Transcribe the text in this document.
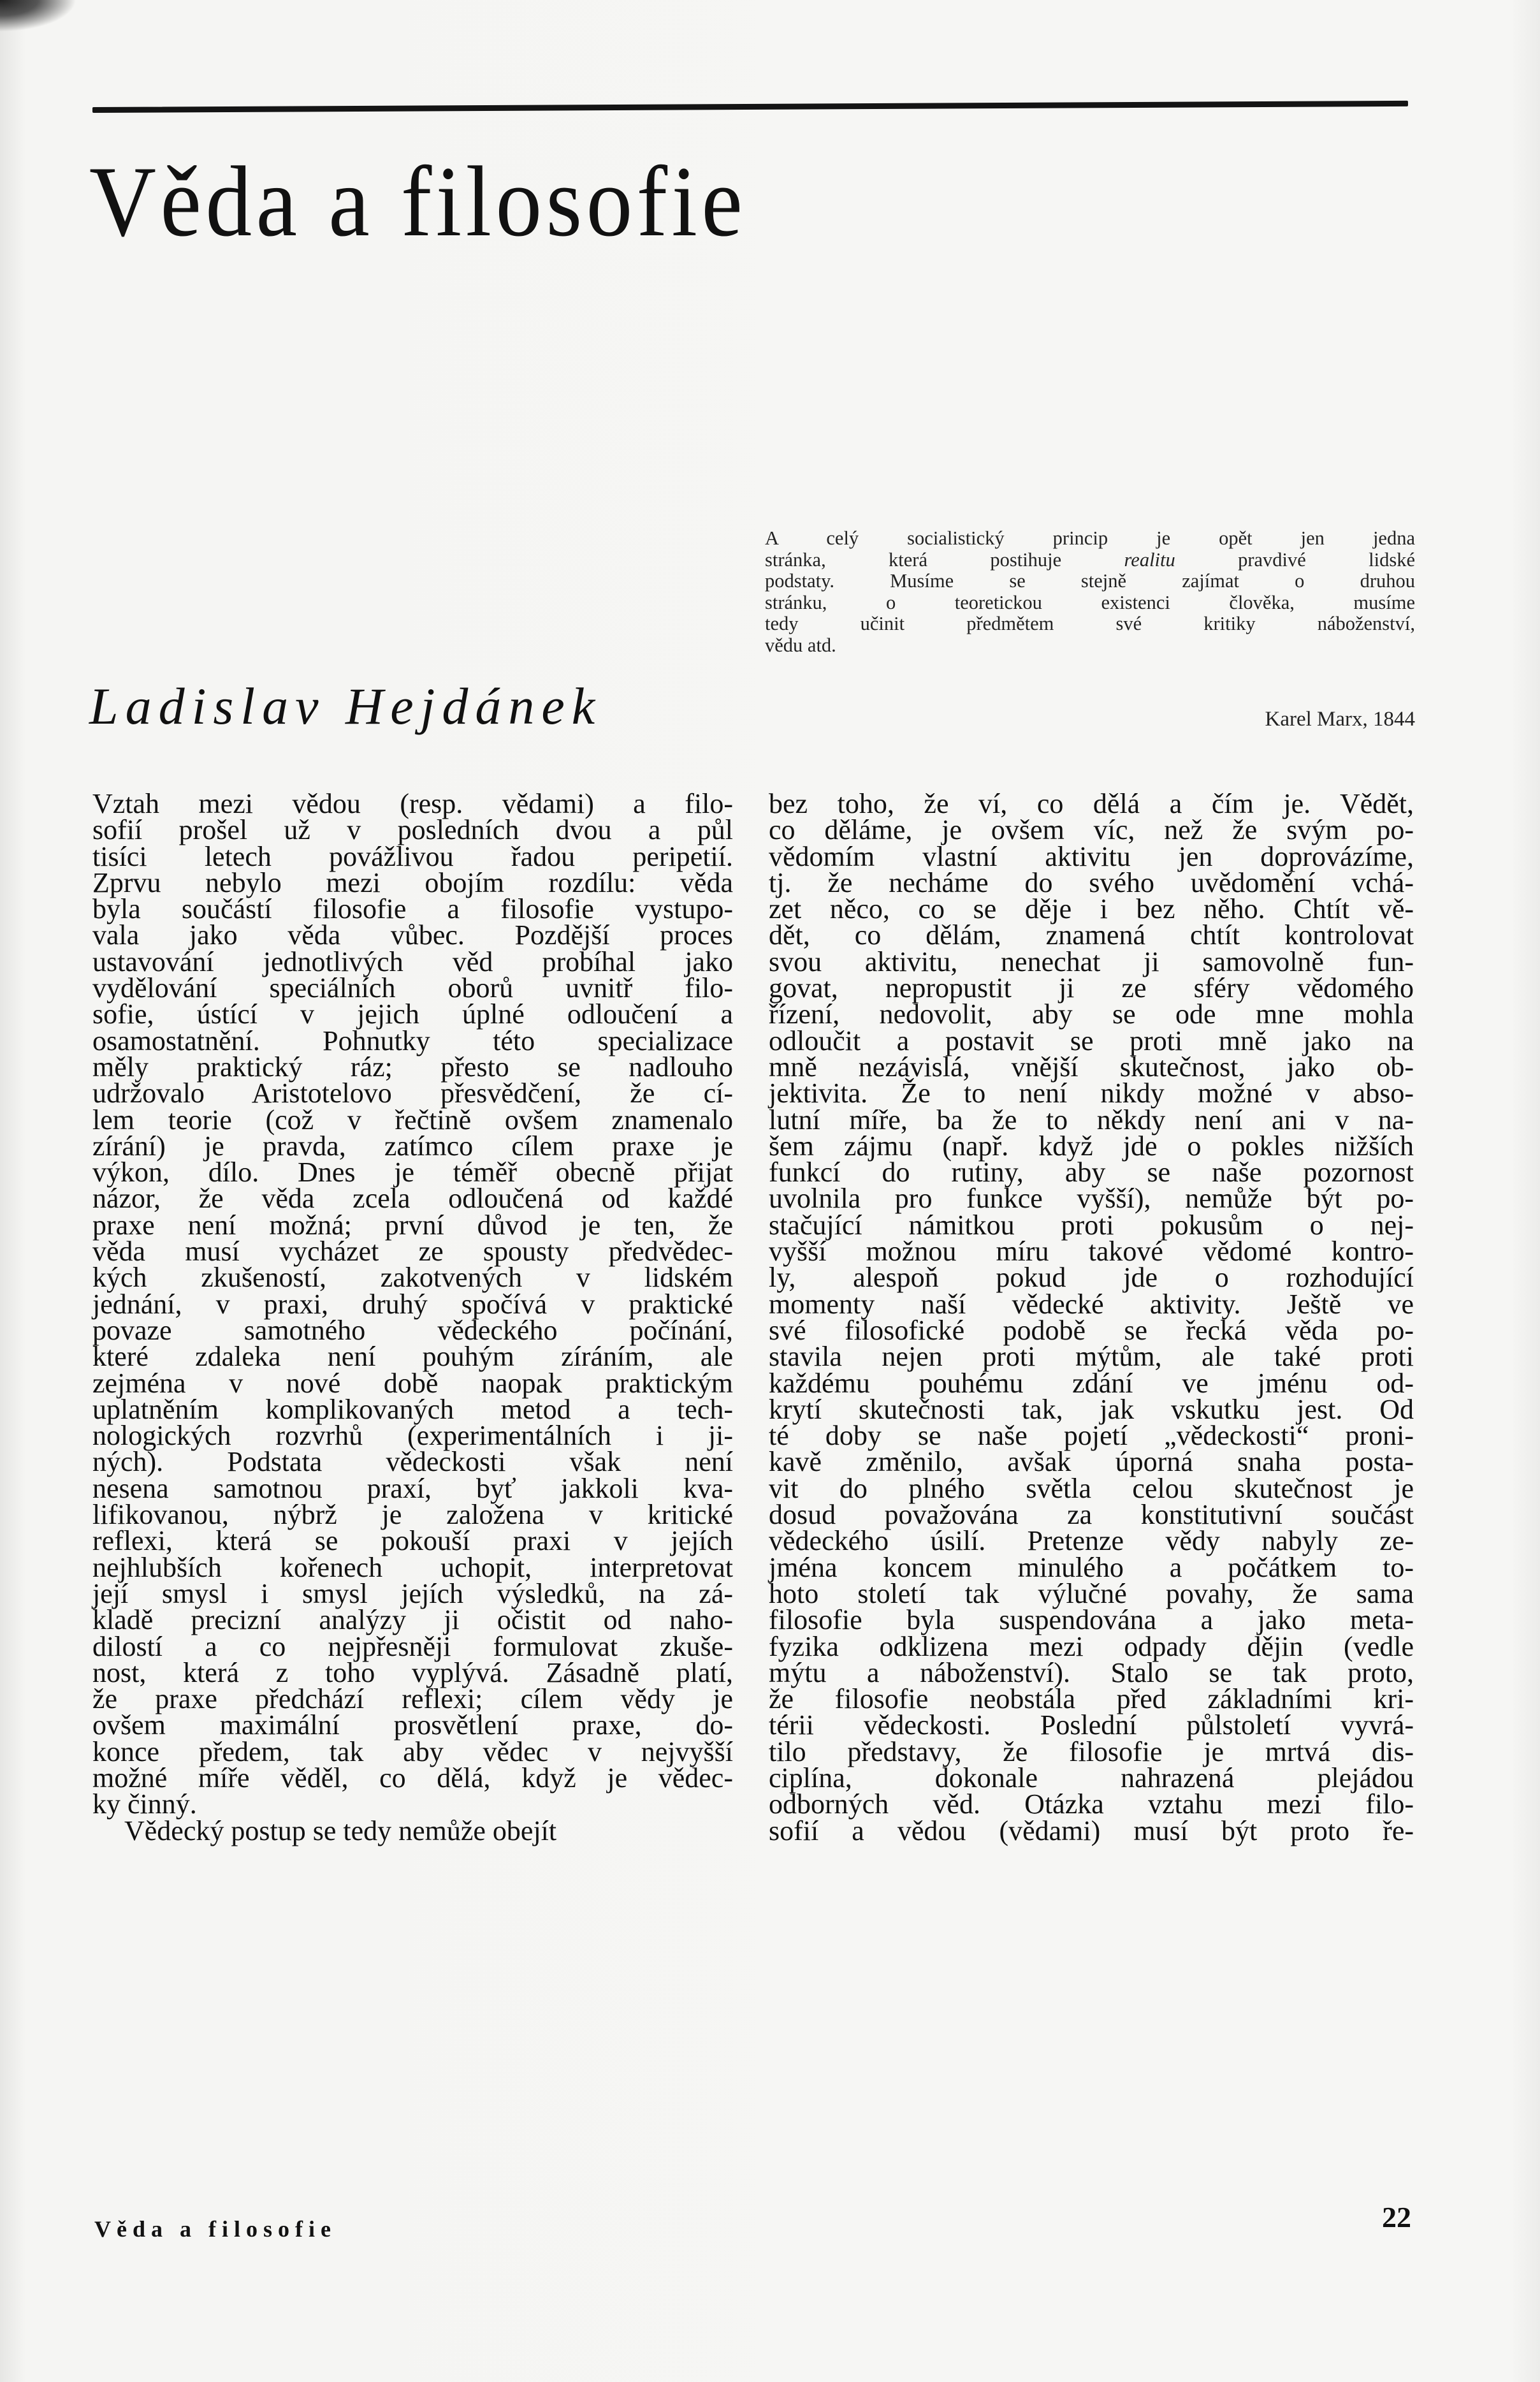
Věda a filosofie
Ladislav Hejdánek
A celý socialistický princip je opět jen jedna
stránka, která postihuje realitu pravdivé lidské
podstaty. Musíme se stejně zajímat o druhou
stránku, o teoretickou existenci člověka, musíme
tedy učinit předmětem své kritiky náboženství,
vědu atd.
Karel Marx, 1844
Vztah mezi vědou (resp. vědami) a filo-
sofií prošel už v posledních dvou a půl
tisíci letech povážlivou řadou peripetií.
Zprvu nebylo mezi obojím rozdílu: věda
byla součástí filosofie a filosofie vystupo-
vala jako věda vůbec. Pozdější proces
ustavování jednotlivých věd probíhal jako
vydělování speciálních oborů uvnitř filo-
sofie, ústící v jejich úplné odloučení a
osamostatnění. Pohnutky této specializace
měly praktický ráz; přesto se nadlouho
udržovalo Aristotelovo přesvědčení, že cí-
lem teorie (což v řečtině ovšem znamenalo
zírání) je pravda, zatímco cílem praxe je
výkon, dílo. Dnes je téměř obecně přijat
názor, že věda zcela odloučená od každé
praxe není možná; první důvod je ten, že
věda musí vycházet ze spousty předvědec-
kých zkušeností, zakotvených v lidském
jednání, v praxi, druhý spočívá v praktické
povaze samotného vědeckého počínání,
které zdaleka není pouhým zíráním, ale
zejména v nové době naopak praktickým
uplatněním komplikovaných metod a tech-
nologických rozvrhů (experimentálních i ji-
ných). Podstata vědeckosti však není
nesena samotnou praxí, byť jakkoli kva-
lifikovanou, nýbrž je založena v kritické
reflexi, která se pokouší praxi v jejích
nejhlubších kořenech uchopit, interpretovat
její smysl i smysl jejích výsledků, na zá-
kladě precizní analýzy ji očistit od naho-
dilostí a co nejpřesněji formulovat zkuše-
nost, která z toho vyplývá. Zásadně platí,
že praxe předchází reflexi; cílem vědy je
ovšem maximální prosvětlení praxe, do-
konce předem, tak aby vědec v nejvyšší
možné míře věděl, co dělá, když je vědec-
ky činný.
Vědecký postup se tedy nemůže obejít
bez toho, že ví, co dělá a čím je. Vědět,
co děláme, je ovšem víc, než že svým po-
vědomím vlastní aktivitu jen doprovázíme,
tj. že necháme do svého uvědomění vchá-
zet něco, co se děje i bez něho. Chtít vě-
dět, co dělám, znamená chtít kontrolovat
svou aktivitu, nenechat ji samovolně fun-
govat, nepropustit ji ze sféry vědomého
řízení, nedovolit, aby se ode mne mohla
odloučit a postavit se proti mně jako na
mně nezávislá, vnější skutečnost, jako ob-
jektivita. Že to není nikdy možné v abso-
lutní míře, ba že to někdy není ani v na-
šem zájmu (např. když jde o pokles nižších
funkcí do rutiny, aby se naše pozornost
uvolnila pro funkce vyšší), nemůže být po-
stačující námitkou proti pokusům o nej-
vyšší možnou míru takové vědomé kontro-
ly, alespoň pokud jde o rozhodující
momenty naší vědecké aktivity. Ještě ve
své filosofické podobě se řecká věda po-
stavila nejen proti mýtům, ale také proti
každému pouhému zdání ve jménu od-
krytí skutečnosti tak, jak vskutku jest. Od
té doby se naše pojetí „vědeckosti“ proni-
kavě změnilo, avšak úporná snaha posta-
vit do plného světla celou skutečnost je
dosud považována za konstitutivní součást
vědeckého úsilí. Pretenze vědy nabyly ze-
jména koncem minulého a počátkem to-
hoto století tak výlučné povahy, že sama
filosofie byla suspendována a jako meta-
fyzika odklizena mezi odpady dějin (vedle
mýtu a náboženství). Stalo se tak proto,
že filosofie neobstála před základními kri-
térii vědeckosti. Poslední půlstoletí vyvrá-
tilo představy, že filosofie je mrtvá dis-
ciplína, dokonale nahrazená plejádou
odborných věd. Otázka vztahu mezi filo-
sofií a vědou (vědami) musí být proto ře-
Věda a filosofie	22
